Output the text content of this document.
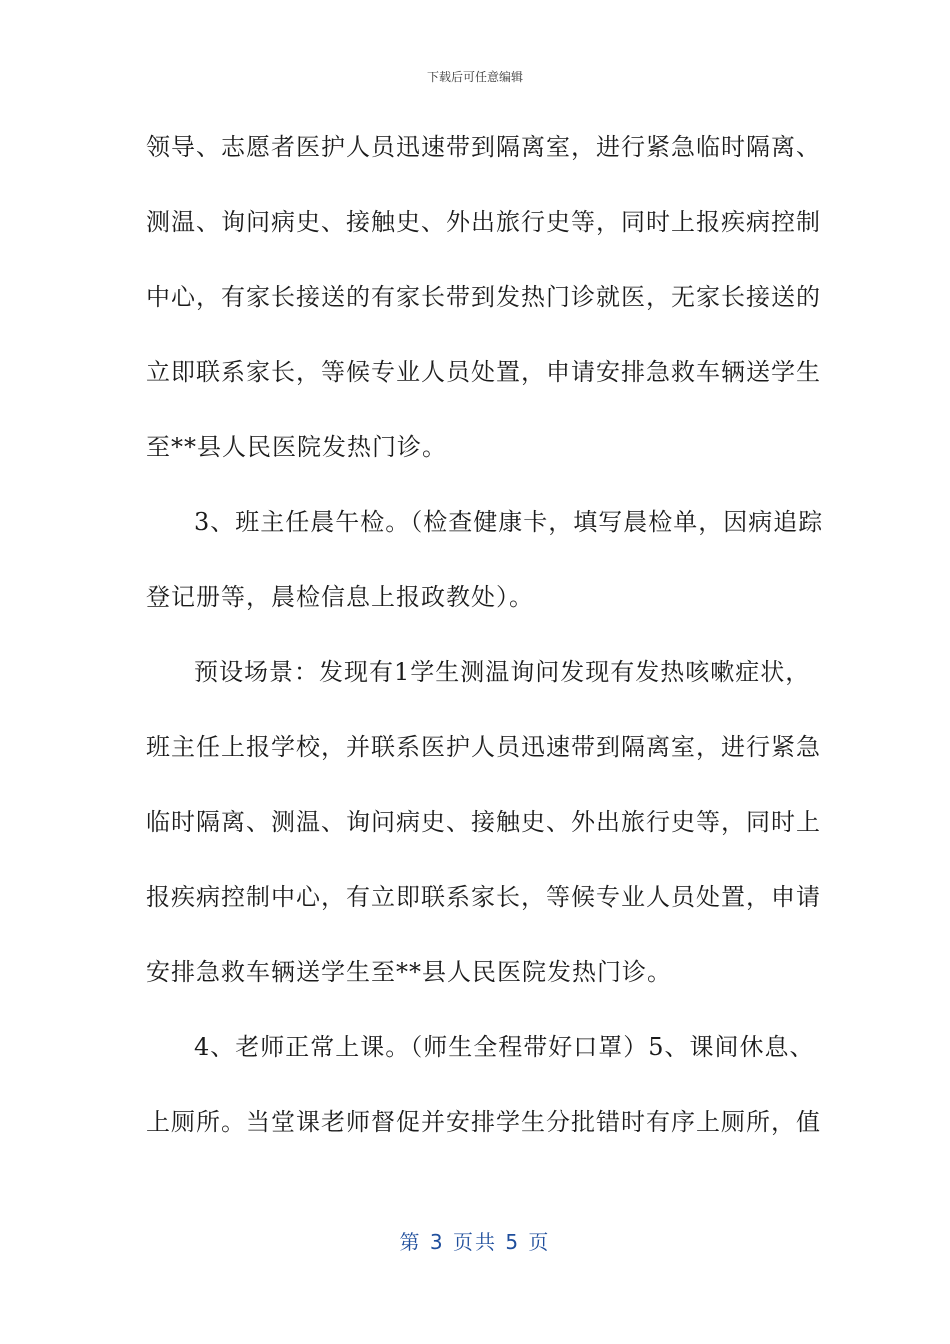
下载后可任意编辑
领导、志愿者医护人员迅速带到隔离室，进行紧急临时隔离、
测温、询问病史、接触史、外出旅行史等，同时上报疾病控制
中心，有家长接送的有家长带到发热门诊就医，无家长接送的
立即联系家长，等候专业人员处置，申请安排急救车辆送学生
至**县人民医院发热门诊。
3、班主任晨午检。（检查健康卡，填写晨检单，因病追踪
登记册等，晨检信息上报政教处）。
预设场景：发现有1学生测温询问发现有发热咳嗽症状，
班主任上报学校，并联系医护人员迅速带到隔离室，进行紧急
临时隔离、测温、询问病史、接触史、外出旅行史等，同时上
报疾病控制中心，有立即联系家长，等候专业人员处置，申请
安排急救车辆送学生至**县人民医院发热门诊。
4、老师正常上课。（师生全程带好口罩）5、课间休息、
上厕所。当堂课老师督促并安排学生分批错时有序上厕所，值
第 3 页共 5 页
